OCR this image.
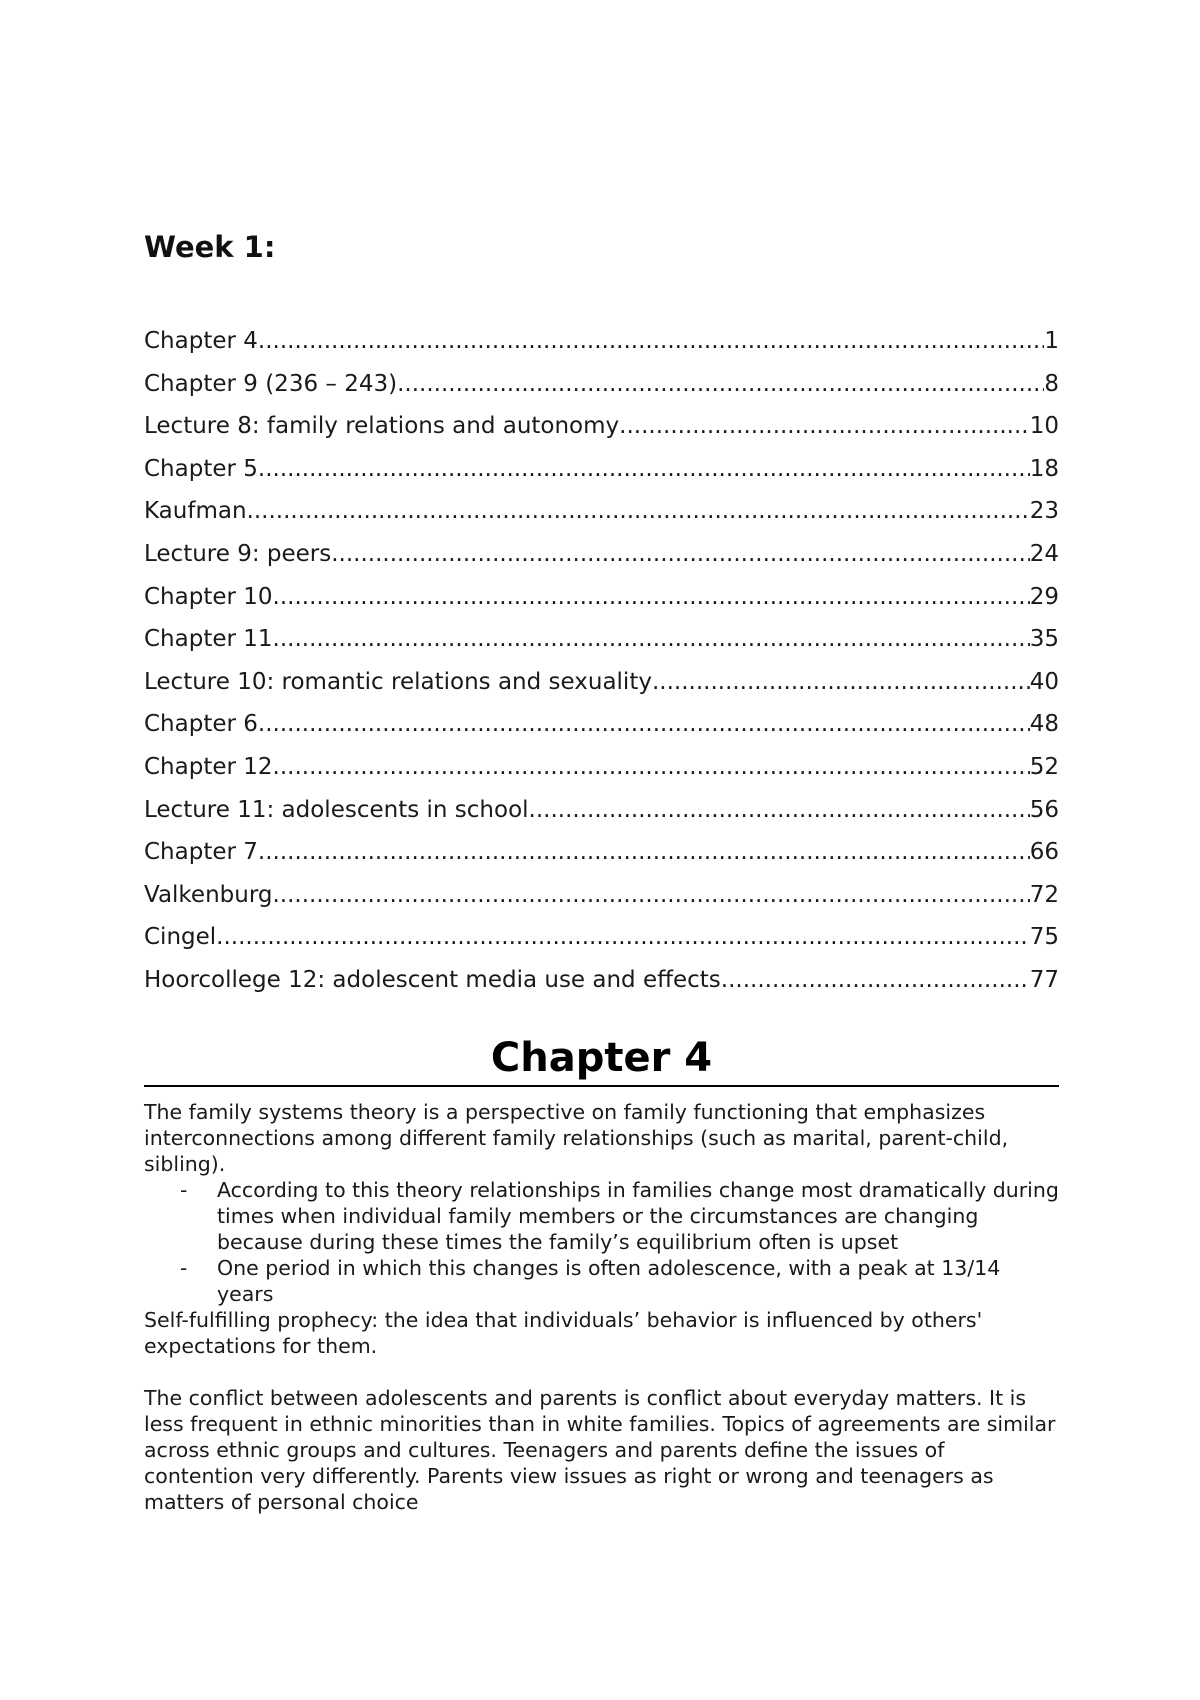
Week 1:
Chapter 4 .....	1
Chapter 9 (236 – 243) .....	8
Lecture 8: family relations and autonomy .....	10
Chapter 5 .....	18
Kaufman .....	23
Lecture 9: peers .....	24
Chapter 10 .....	29
Chapter 11 .....	35
Lecture 10: romantic relations and sexuality .....	40
Chapter 6 .....	48
Chapter 12 .....	52
Lecture 11: adolescents in school .....	56
Chapter 7 .....	66
Valkenburg .....	72
Cingel .....	75
Hoorcollege 12: adolescent media use and effects .....	77
Chapter 4

The family systems theory is a perspective on family functioning that emphasizes interconnections among different family relationships (such as marital, parent-child, sibling).

- According to this theory relationships in families change most dramatically during times when individual family members or the circumstances are changing because during these times the family’s equilibrium often is upset
- One period in which this changes is often adolescence, with a peak at 13/14 years

Self-fulfilling prophecy: the idea that individuals’ behavior is influenced by others' expectations for them.

The conflict between adolescents and parents is conflict about everyday matters. It is less frequent in ethnic minorities than in white families. Topics of agreements are similar across ethnic groups and cultures. Teenagers and parents define the issues of contention very differently. Parents view issues as right or wrong and teenagers as matters of personal choice
